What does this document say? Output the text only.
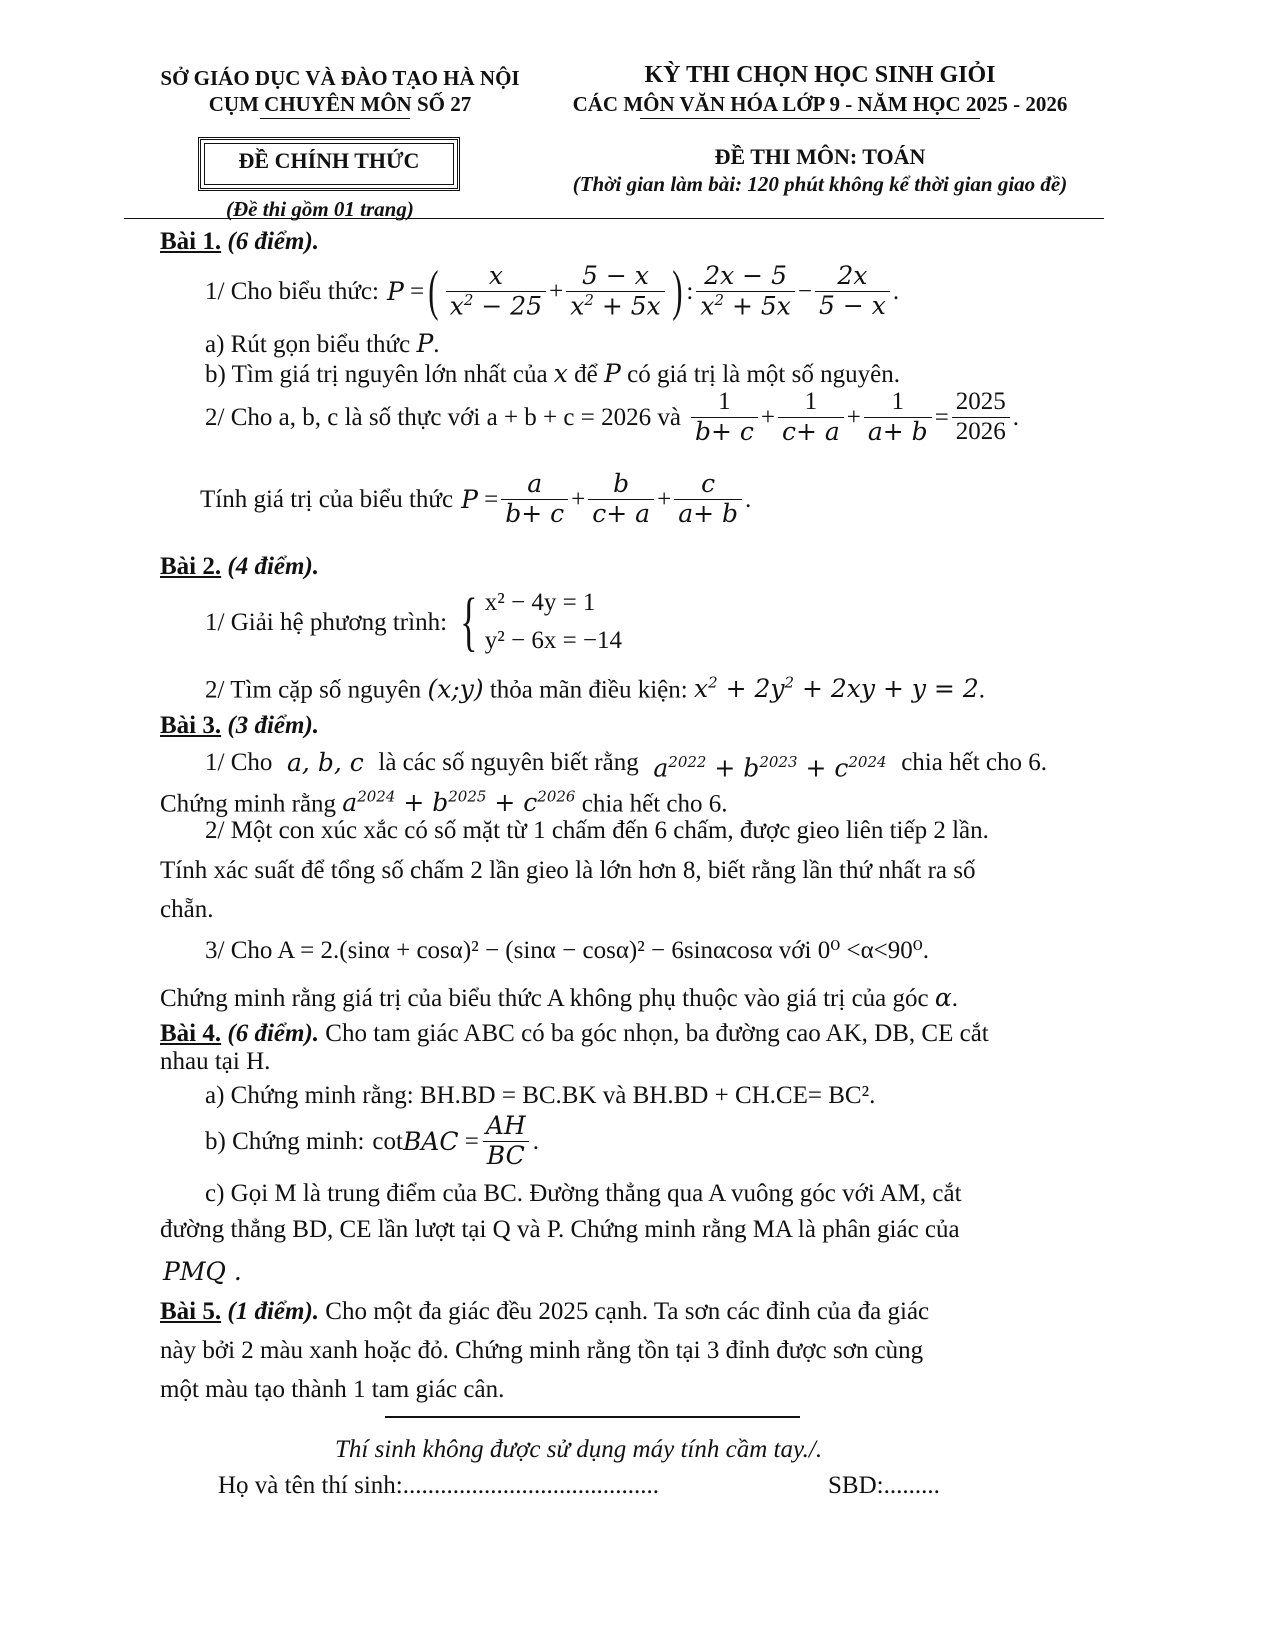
SỞ GIÁO DỤC VÀ ĐÀO TẠO HÀ NỘI
CỤM CHUYÊN MÔN SỐ 27
ĐỀ CHÍNH THỨC
(Đề thi gồm 01 trang)
KỲ THI CHỌN HỌC SINH GIỎI
CÁC MÔN VĂN HÓA LỚP 9 - NĂM HỌC 2025 - 2026
ĐỀ THI MÔN: TOÁN
(Thời gian làm bài: 120 phút không kể thời gian giao đề)
Bài 1. (6 điểm).
1/ Cho biểu thức: P = ( $\frac{x}{x^2 - 25} + \frac{5 - x}{x^2 + 5x}$ ) : $\frac{2x - 5}{x^2 + 5x} - \frac{2x}{5 - x}$ .
a) Rút gọn biểu thức P.
b) Tìm giá trị nguyên lớn nhất của x để P có giá trị là một số nguyên.
2/ Cho a, b, c là số thực với a + b + c = 2026 và $\frac{1}{b+ c} + \frac{1}{c+ a} + \frac{1}{a+ b} = \frac{2025}{2026}$ .
Tính giá trị của biểu thức $P = \frac{a}{b+ c} + \frac{b}{c+ a} + \frac{c}{a+ b}$ .
Bài 2. (4 điểm).
1/ Giải hệ phương trình: { x² − 4y = 1
y² − 6x = −14
2/ Tìm cặp số nguyên (x;y) thỏa mãn điều kiện: $x^2 + 2y^2 + 2xy + y = 2$.
Bài 3. (3 điểm).
1/ Cho a, b, c là các số nguyên biết rằng $a^{2022} + b^{2023} + c^{2024}$ chia hết cho 6.
Chứng minh rằng $a^{2024} + b^{2025} + c^{2026}$ chia hết cho 6.
2/ Một con xúc xắc có số mặt từ 1 chấm đến 6 chấm, được gieo liên tiếp 2 lần.
Tính xác suất để tổng số chấm 2 lần gieo là lớn hơn 8, biết rằng lần thứ nhất ra số
chẵn.
3/ Cho A = 2.(sinα + cosα)² − (sinα − cosα)² − 6sinαcosα với 0⁰ <α<90⁰.
Chứng minh rằng giá trị của biểu thức A không phụ thuộc vào giá trị của góc α.
Bài 4. (6 điểm). Cho tam giác ABC có ba góc nhọn, ba đường cao AK, DB, CE cắt
nhau tại H.
a) Chứng minh rằng: BH.BD = BC.BK và BH.BD + CH.CE= BC².
b) Chứng minh: cot BAC = $\frac{AH}{BC}$ .
c) Gọi M là trung điểm của BC. Đường thẳng qua A vuông góc với AM, cắt
đường thẳng BD, CE lần lượt tại Q và P. Chứng minh rằng MA là phân giác của
PMQ .
Bài 5. (1 điểm). Cho một đa giác đều 2025 cạnh. Ta sơn các đỉnh của đa giác
này bởi 2 màu xanh hoặc đỏ. Chứng minh rằng tồn tại 3 đỉnh được sơn cùng
một màu tạo thành 1 tam giác cân.
Thí sinh không được sử dụng máy tính cầm tay./.
Họ và tên thí sinh:.........................................	SBD:.........
